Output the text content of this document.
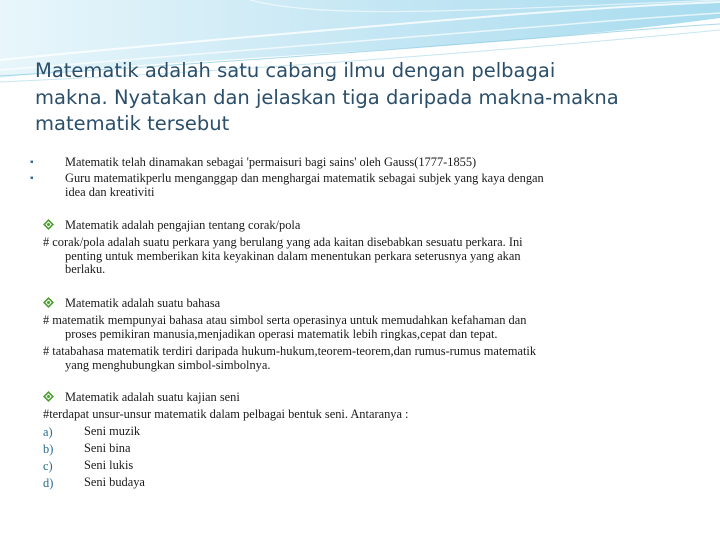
Matematik adalah satu cabang ilmu dengan pelbagai
makna. Nyatakan dan jelaskan tiga daripada makna-makna
matematik tersebut
▪	Matematik telah dinamakan sebagai 'permaisuri bagi sains' oleh Gauss(1777-1855)
▪	Guru matematikperlu menganggap dan menghargai matematik sebagai subjek yang kaya dengan
idea dan kreativiti
Matematik adalah pengajian tentang corak/pola
# corak/pola adalah suatu perkara yang berulang yang ada kaitan disebabkan sesuatu perkara. Ini
penting untuk memberikan kita keyakinan dalam menentukan perkara seterusnya yang akan
berlaku.
Matematik adalah suatu bahasa
# matematik mempunyai bahasa atau simbol serta operasinya untuk memudahkan kefahaman dan
proses pemikiran manusia,menjadikan operasi matematik lebih ringkas,cepat dan tepat.
# tatabahasa matematik terdiri daripada hukum-hukum,teorem-teorem,dan rumus-rumus matematik
yang menghubungkan simbol-simbolnya.
Matematik adalah suatu kajian seni
#terdapat unsur-unsur matematik dalam pelbagai bentuk seni. Antaranya :
a)	Seni muzik
b) Seni bina
c)	Seni lukis
d) Seni budaya
